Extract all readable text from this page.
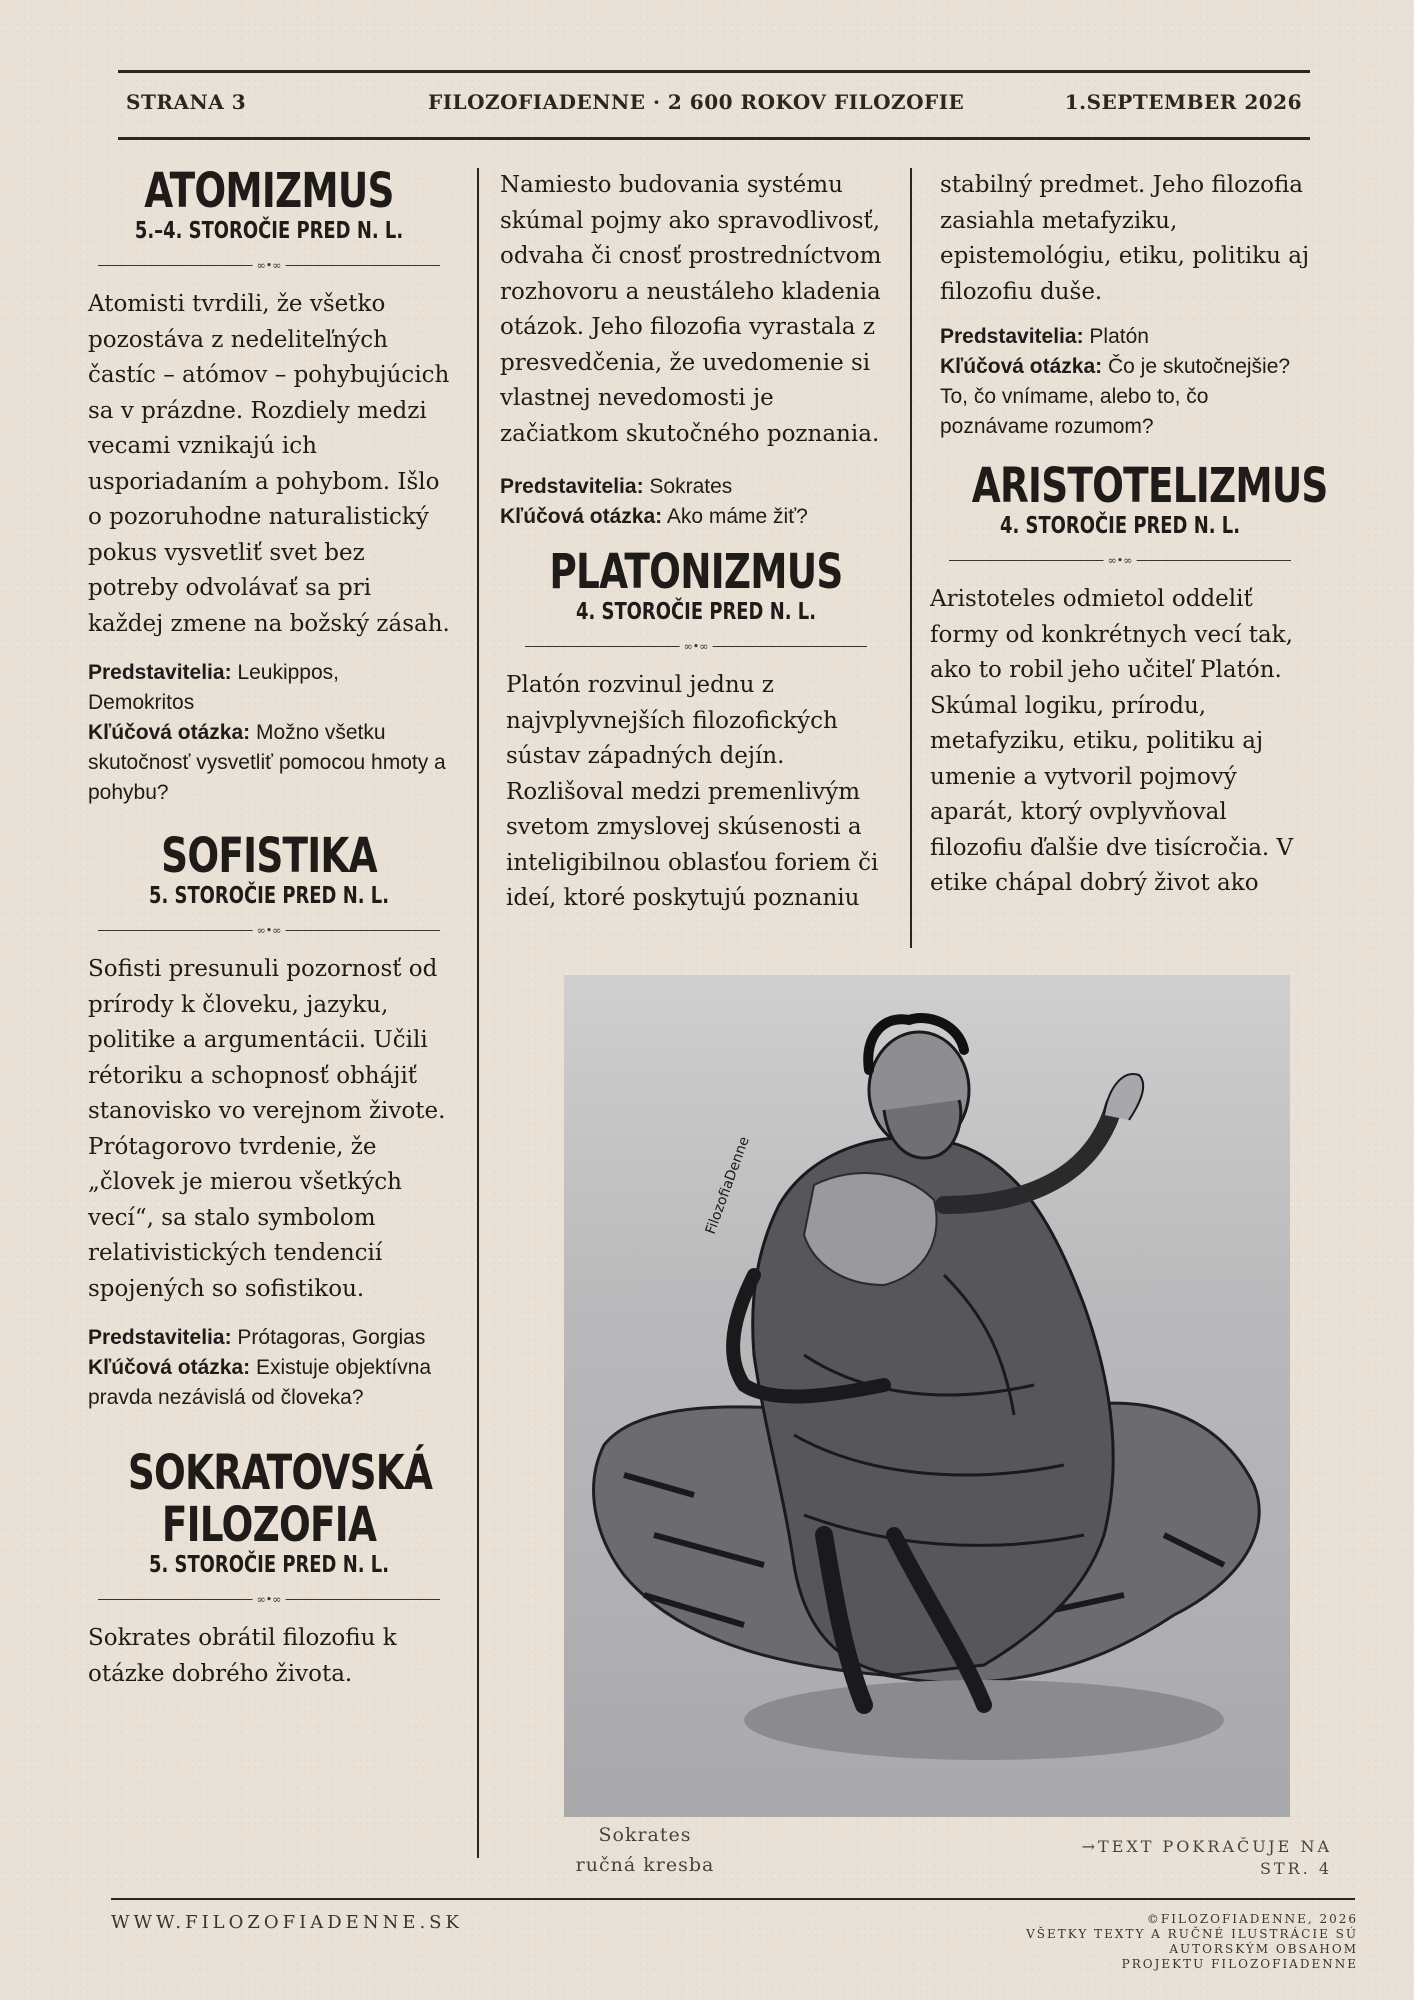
STRANA 3	FILOZOFIADENNE · 2 600 ROKOV FILOZOFIE	1.SEPTEMBER 2026
ATOMIZMUS
5.–4. STOROČIE PRED N. L.
∞•∞
Atomisti tvrdili, že všetko pozostáva z nedeliteľných častíc – atómov – pohybujúcich sa v prázdne. Rozdiely medzi vecami vznikajú ich usporiadaním a pohybom. Išlo o pozoruhodne naturalistický pokus vysvetliť svet bez potreby odvolávať sa pri každej zmene na božský zásah.
Predstavitelia: Leukippos, Demokritos
Kľúčová otázka: Možno všetku skutočnosť vysvetliť pomocou hmoty a pohybu?
SOFISTIKA
5. STOROČIE PRED N. L.
∞•∞
Sofisti presunuli pozornosť od prírody k človeku, jazyku, politike a argumentácii. Učili rétoriku a schopnosť obhájiť stanovisko vo verejnom živote. Prótagorovo tvrdenie, že „človek je mierou všetkých vecí“, sa stalo symbolom relativistických tendencií spojených so sofistikou.
Predstavitelia: Prótagoras, Gorgias
Kľúčová otázka: Existuje objektívna pravda nezávislá od človeka?
SOKRATOVSKÁ
FILOZOFIA
5. STOROČIE PRED N. L.
∞•∞
Sokrates obrátil filozofiu k otázke dobrého života.
Namiesto budovania systému skúmal pojmy ako spravodlivosť, odvaha či cnosť prostredníctvom rozhovoru a neustáleho kladenia otázok. Jeho filozofia vyrastala z presvedčenia, že uvedomenie si vlastnej nevedomosti je začiatkom skutočného poznania.
Predstavitelia: Sokrates
Kľúčová otázka: Ako máme žiť?
PLATONIZMUS
4. STOROČIE PRED N. L.
∞•∞
Platón rozvinul jednu z najvplyvnejších filozofických sústav západných dejín. Rozlišoval medzi premenlivým svetom zmyslovej skúsenosti a inteligibilnou oblasťou foriem či ideí, ktoré poskytujú poznaniu
stabilný predmet. Jeho filozofia zasiahla metafyziku, epistemológiu, etiku, politiku aj filozofiu duše.
Predstavitelia: Platón
Kľúčová otázka: Čo je skutočnejšie? To, čo vnímame, alebo to, čo poznávame rozumom?
ARISTOTELIZMUS
4. STOROČIE PRED N. L.
∞•∞
Aristoteles odmietol oddeliť formy od konkrétnych vecí tak, ako to robil jeho učiteľ Platón. Skúmal logiku, prírodu, metafyziku, etiku, politiku aj umenie a vytvoril pojmový aparát, ktorý ovplyvňoval filozofiu ďalšie dve tisícročia. V etike chápal dobrý život ako
FilozofiaDenne
Sokrates
ručná kresba
→TEXT POKRAČUJE NA
STR. 4
WWW.FILOZOFIADENNE.SK	©FILOZOFIADENNE, 2026
VŠETKY TEXTY A RUČNÉ ILUSTRÁCIE SÚ
AUTORSKÝM OBSAHOM
PROJEKTU FILOZOFIADENNE
